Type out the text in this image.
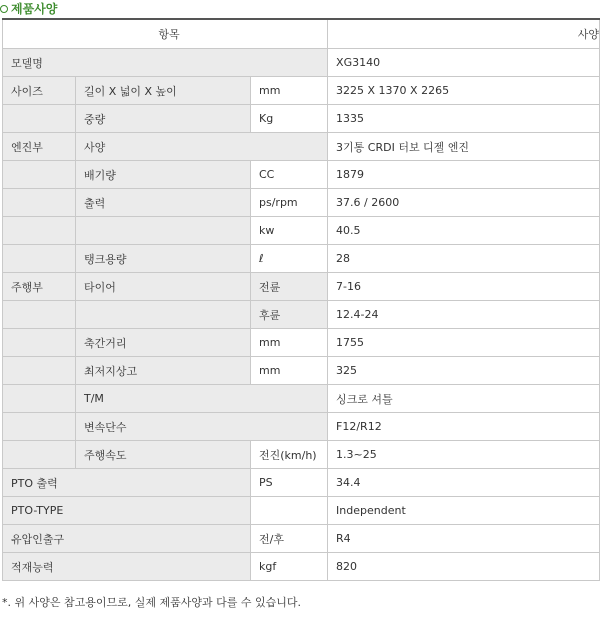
제품사양
항목			사양
모델명			XG3140
사이즈	길이 X 넓이 X 높이	mm	3225 X 1370 X 2265
	중량	Kg	1335
엔진부	사양		3기통 CRDI 터보 디젤 엔진
	배기량	CC	1879
	출력	ps/rpm	37.6 / 2600
		kw	40.5
	탱크용량	ℓ	28
주행부	타이어	전륜	7-16
		후륜	12.4-24
	축간거리	mm	1755
	최저지상고	mm	325
	T/M		싱크로 셔틀
	변속단수		F12/R12
	주행속도	전진(km/h)	1.3~25
PTO 출력		PS	34.4
PTO-TYPE			Independent
유압인출구		전/후	R4
적재능력		kgf	820
*. 위 사양은 참고용이므로, 실제 제품사양과 다를 수 있습니다.
